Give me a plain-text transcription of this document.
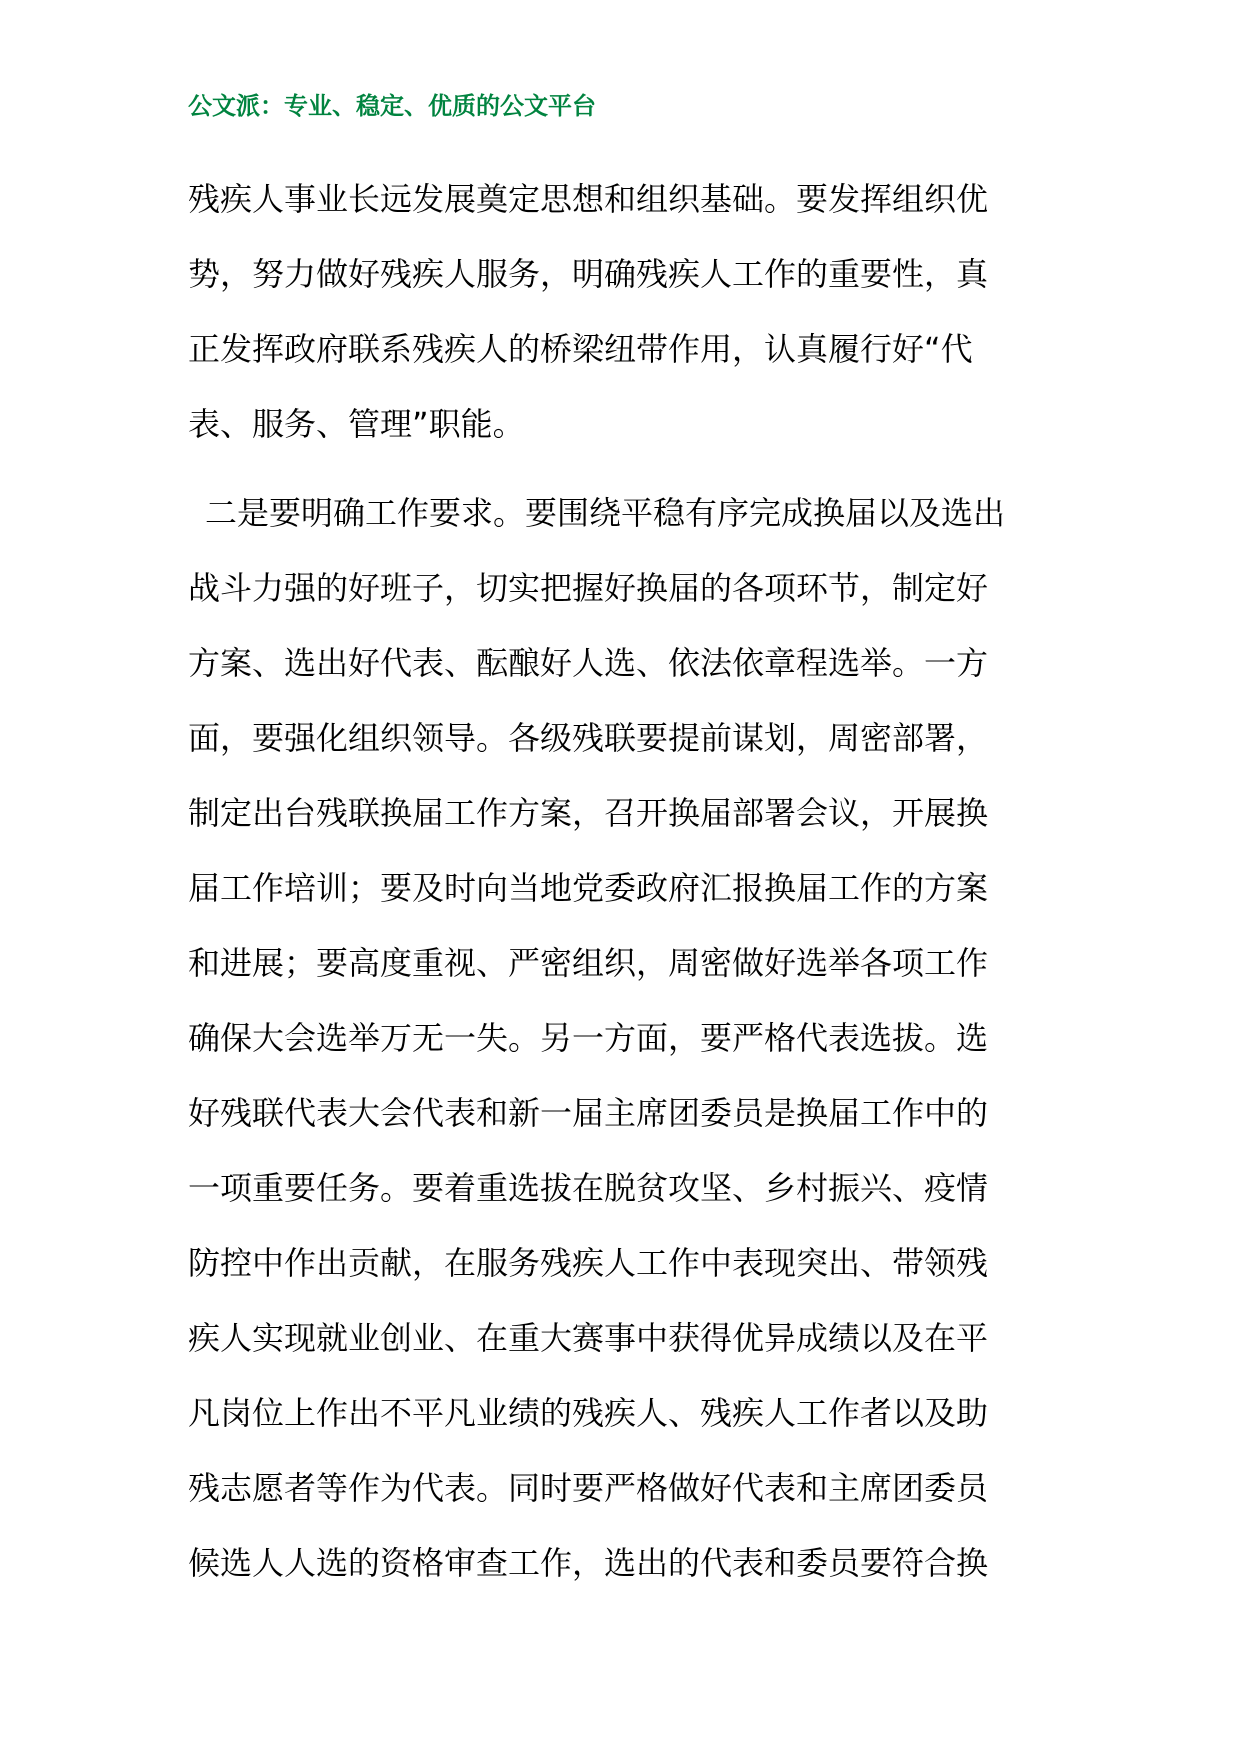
公文派：专业、稳定、优质的公文平台
残疾人事业长远发展奠定思想和组织基础。要发挥组织优
势，努力做好残疾人服务，明确残疾人工作的重要性，真
正发挥政府联系残疾人的桥梁纽带作用，认真履行好“代
表、服务、管理”职能。
二是要明确工作要求。要围绕平稳有序完成换届以及选出
战斗力强的好班子，切实把握好换届的各项环节，制定好
方案、选出好代表、酝酿好人选、依法依章程选举。一方
面，要强化组织领导。各级残联要提前谋划，周密部署，
制定出台残联换届工作方案，召开换届部署会议，开展换
届工作培训；要及时向当地党委政府汇报换届工作的方案
和进展；要高度重视、严密组织，周密做好选举各项工作
确保大会选举万无一失。另一方面，要严格代表选拔。选
好残联代表大会代表和新一届主席团委员是换届工作中的
一项重要任务。要着重选拔在脱贫攻坚、乡村振兴、疫情
防控中作出贡献，在服务残疾人工作中表现突出、带领残
疾人实现就业创业、在重大赛事中获得优异成绩以及在平
凡岗位上作出不平凡业绩的残疾人、残疾人工作者以及助
残志愿者等作为代表。同时要严格做好代表和主席团委员
候选人人选的资格审查工作，选出的代表和委员要符合换
